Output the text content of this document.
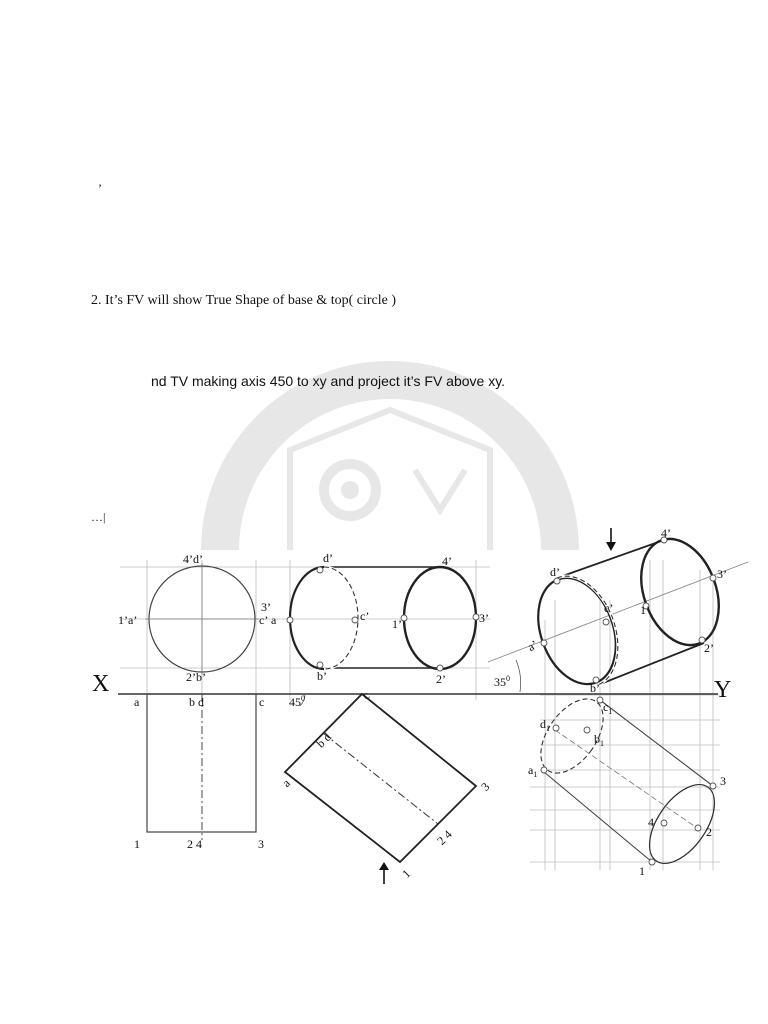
’
2. It’s FV will show True Shape of base & top( circle )
nd TV making axis 450 to xy and project it’s FV above xy.
…|
X	Y
4’d’
1’a’
3’
c’
2’b’
a	b d	c
1	2 4	3
d’	4’
a	c’
1’	3’
b’	2’
$45^0$	c
b d
a	3
2 4
1
$35^0$
d’
4’
3’
a’
c’ 1’
2’
b’
$c_1$
$d_1$
$b_1$
$a_1$	3
4
2
1
